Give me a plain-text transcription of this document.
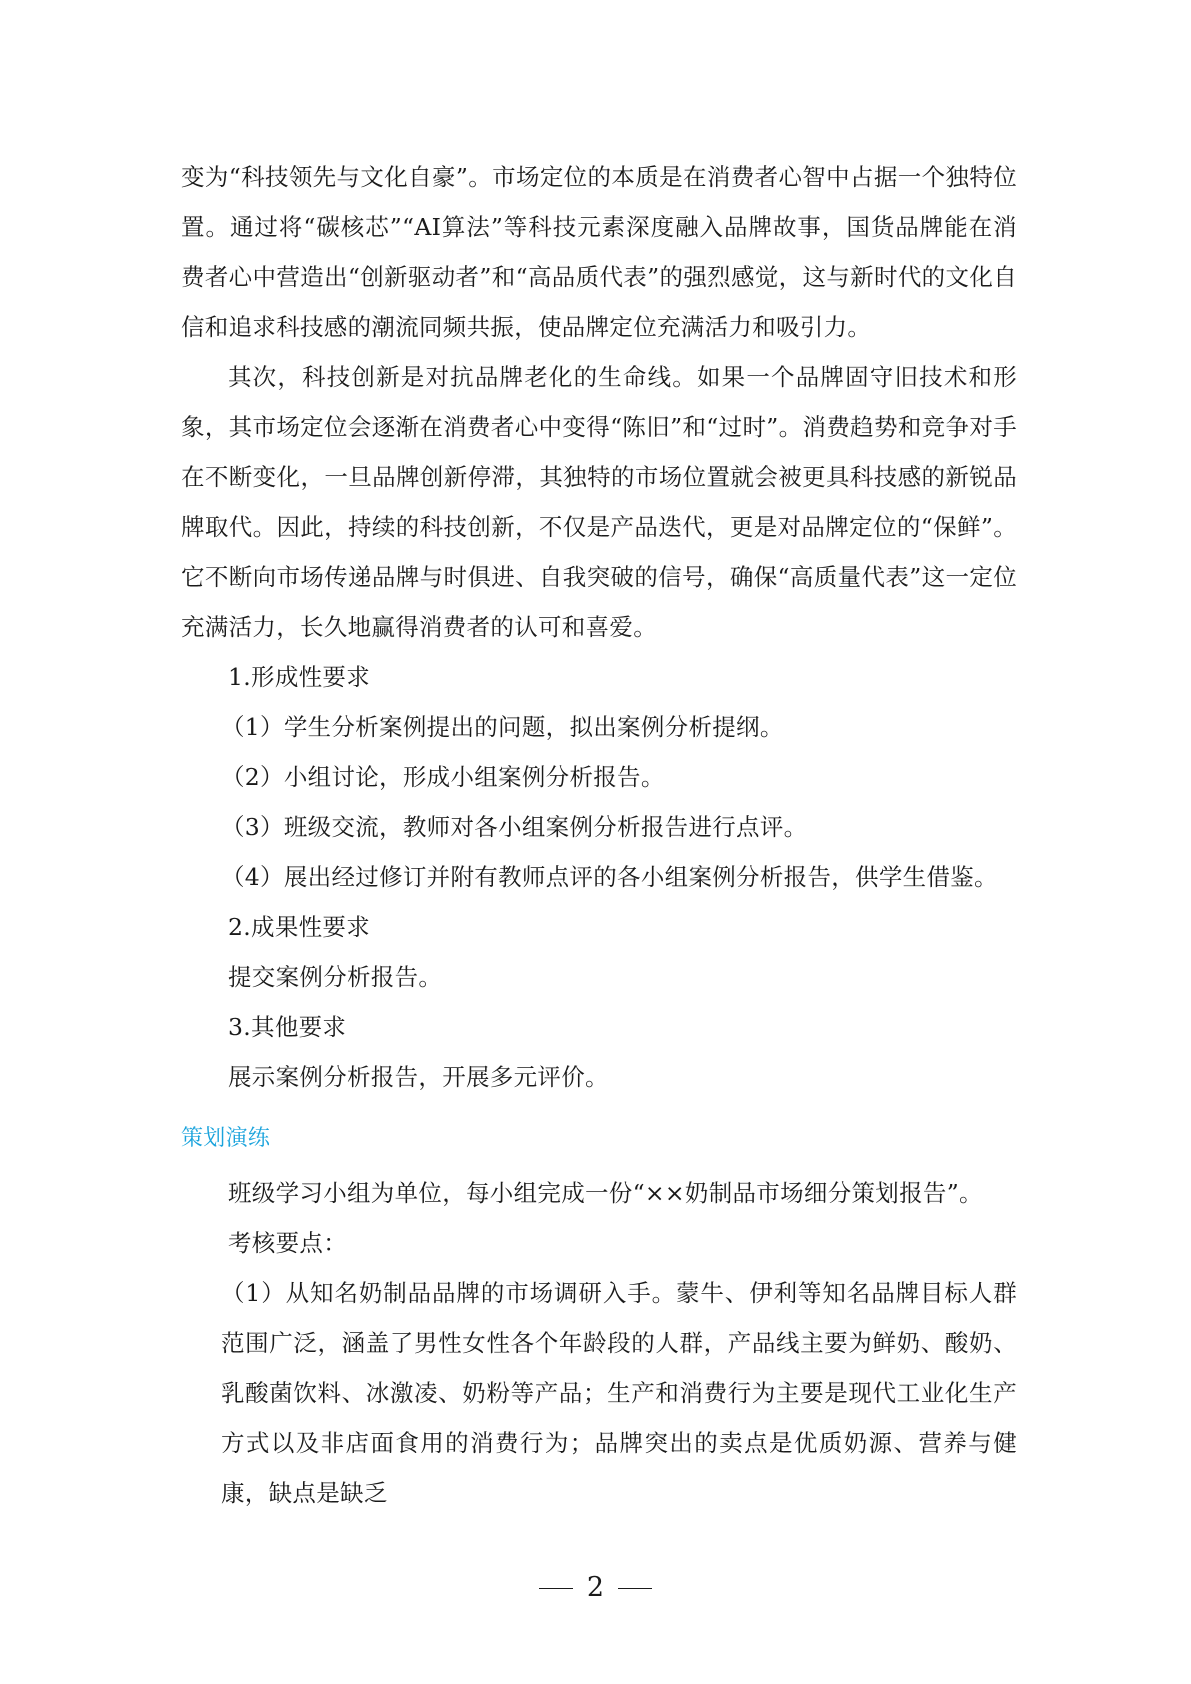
变为“科技领先与文化自豪”。市场定位的本质是在消费者心智中占据一个独特位置。通过将“碳核芯”“AI算法”等科技元素深度融入品牌故事，国货品牌能在消费者心中营造出“创新驱动者”和“高品质代表”的强烈感觉，这与新时代的文化自信和追求科技感的潮流同频共振，使品牌定位充满活力和吸引力。

其次，科技创新是对抗品牌老化的生命线。如果一个品牌固守旧技术和形象，其市场定位会逐渐在消费者心中变得“陈旧”和“过时”。消费趋势和竞争对手在不断变化，一旦品牌创新停滞，其独特的市场位置就会被更具科技感的新锐品牌取代。因此，持续的科技创新，不仅是产品迭代，更是对品牌定位的“保鲜”。它不断向市场传递品牌与时俱进、自我突破的信号，确保“高质量代表”这一定位充满活力，长久地赢得消费者的认可和喜爱。

1.形成性要求

（1）学生分析案例提出的问题，拟出案例分析提纲。

（2）小组讨论，形成小组案例分析报告。

（3）班级交流，教师对各小组案例分析报告进行点评。

（4）展出经过修订并附有教师点评的各小组案例分析报告，供学生借鉴。

2.成果性要求

提交案例分析报告。

3.其他要求

展示案例分析报告，开展多元评价。

策划演练

班级学习小组为单位，每小组完成一份“××奶制品市场细分策划报告”。

考核要点：

（1）从知名奶制品品牌的市场调研入手。蒙牛、伊利等知名品牌目标人群范围广泛，涵盖了男性女性各个年龄段的人群，产品线主要为鲜奶、酸奶、乳酸菌饮料、冰激凌、奶粉等产品；生产和消费行为主要是现代工业化生产方式以及非店面食用的消费行为；品牌突出的卖点是优质奶源、营养与健康，缺点是缺乏

2
